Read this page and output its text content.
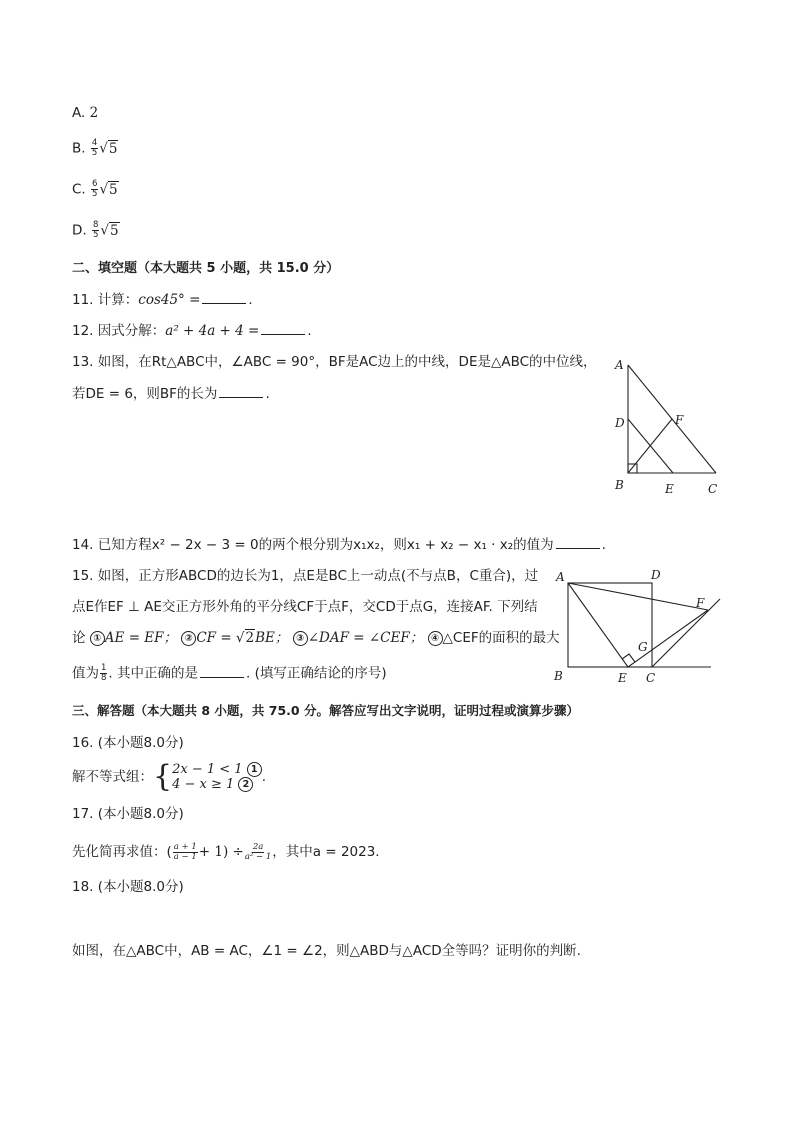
A. 2
B. $\frac{4}{5} √5$
C. $\frac{6}{5} √5$
D. $\frac{8}{5} √5$
二、填空题（本大题共 5 小题，共 15.0 分）
11. 计算：cos45° =	.
12. 因式分解：a² + 4a + 4 =	.
13. 如图，在Rt△ABC中，∠ABC = 90°，BF是AC边上的中线，DE是△ABC的中位线，
若DE = 6，则BF的长为	.
A
D	F
B	E	C
14. 已知方程x² − 2x − 3 = 0的两个根分别为x₁x₂，则x₁ + x₂ − x₁ · x₂的值为	.
15. 如图，正方形ABCD的边长为1，点E是BC上一动点(不与点B，C重合)，过
点E作EF ⊥ AE交正方形外角的平分线CF于点F，交CD于点G，连接AF. 下列结
论 ① AE = EF； ② CF = √2BE； ③ ∠DAF = ∠CEF； ④ △CEF的面积的最大
值为 $\frac{1}{8}$ . 其中正确的是	. (填写正确结论的序号)
A	D
F
G
B	E C
三、解答题（本大题共 8 小题，共 75.0 分。解答应写出文字说明，证明过程或演算步骤）
16. (本小题8.0分)
解不等式组：{ 2x − 1 < 1 1
4 − x ≥ 1 2 .
17. (本小题8.0分)
先化简再求值：( $\frac{a + 1}{a - 1} + 1) \div \frac{2a}{\text{a² − 1}}$ ，其中a = 2023.
18. (本小题8.0分)
如图，在△ABC中，AB = AC，∠1 = ∠2，则△ABD与△ACD全等吗？证明你的判断.
